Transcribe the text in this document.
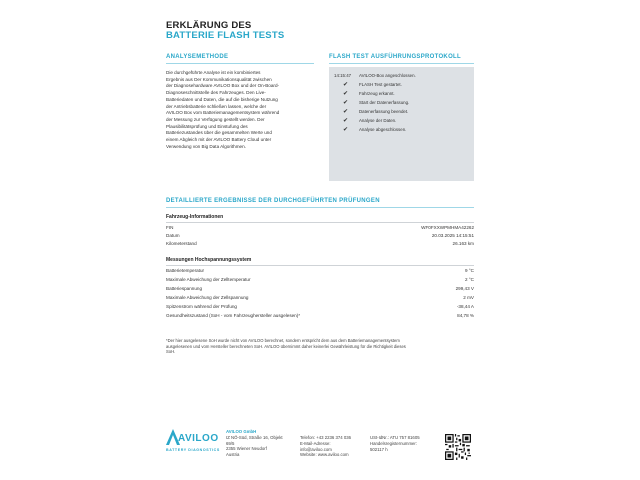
ERKLÄRUNG DES
BATTERIE FLASH TESTS
ANALYSEMETHODE
Die durchgeführte Analyse ist ein kombiniertes
Ergebnis aus Der Kommunikationsqualität zwischen
der Diagnosehardware AVILOO Box und der On-Board-
Diagnoseschnittstelle des Fahrzeuges. Den Live-
Batteriedaten und Daten, die auf die bisherige Nutzung
der Antriebsbatterie schließen lassen, welche der
AVILOO Box vom Batteriemanagementsystem während
der Messung zur Verfügung gestellt werden. Der
Plausibilitätsprüfung und Einstufung des
Batteriezustandes über die gesammelten Werte und
einem Abgleich mit der AVILOO Battery Cloud unter
Verwendung von Big Data Algorithmen.
FLASH TEST AUSFÜHRUNGSPROTOKOLL
14:15:47	AVILOO-Box angeschlossen.
✔	FLASH Test gestartet.
✔	Fahrzeug erkannt.
✔	Start der Datenerfassung.
✔	Datenerfassung beendet.
✔	Analyse der Daten.
✔	Analyse abgeschlossen.
DETAILLIERTE ERGEBNISSE DER DURCHGEFÜHRTEN PRÜFUNGEN
Fahrzeug-Informationen
FIN	WF0FXXWPMHMA42262
Datum	20.03.2025 14:15:51
Kilometerstand	26.163 km
Messungen Hochspannungssystem
Batterietemperatur	9 °C
Maximale Abweichung der Zelltemperatur	2 °C
Batteriespannung	299,43 V
Maximale Abweichung der Zellspannung	2 mV
Spitzenstrom während der Prüfung	-38,44 A
Gesundheitszustand (SoH - vom Fahrzeughersteller ausgelesen)*	84,78 %
*Der hier ausgelesene SoH wurde nicht von AVILOO berechnet, sondern entspricht dem aus dem Batteriemanagementsystem
ausgelesenen und vom Hersteller berechneten SoH. AVILOO übernimmt daher keinerlei Gewährleistung für die Richtigkeit dieses
SoH.
AVILOO
BATTERY DIAGNOSTICS
AVILOO GmbH
IZ NÖ-Süd, Straße 16, Objekt
69/5
2355 Wiener Neudorf
Austria
Telefon: +43 2236 374 036
E-Mail-Adresse:
info@aviloo.com
Website: www.aviloo.com
USt-IdNr.: ATU 757 81605
Handelsregisternummer:
502117 h
